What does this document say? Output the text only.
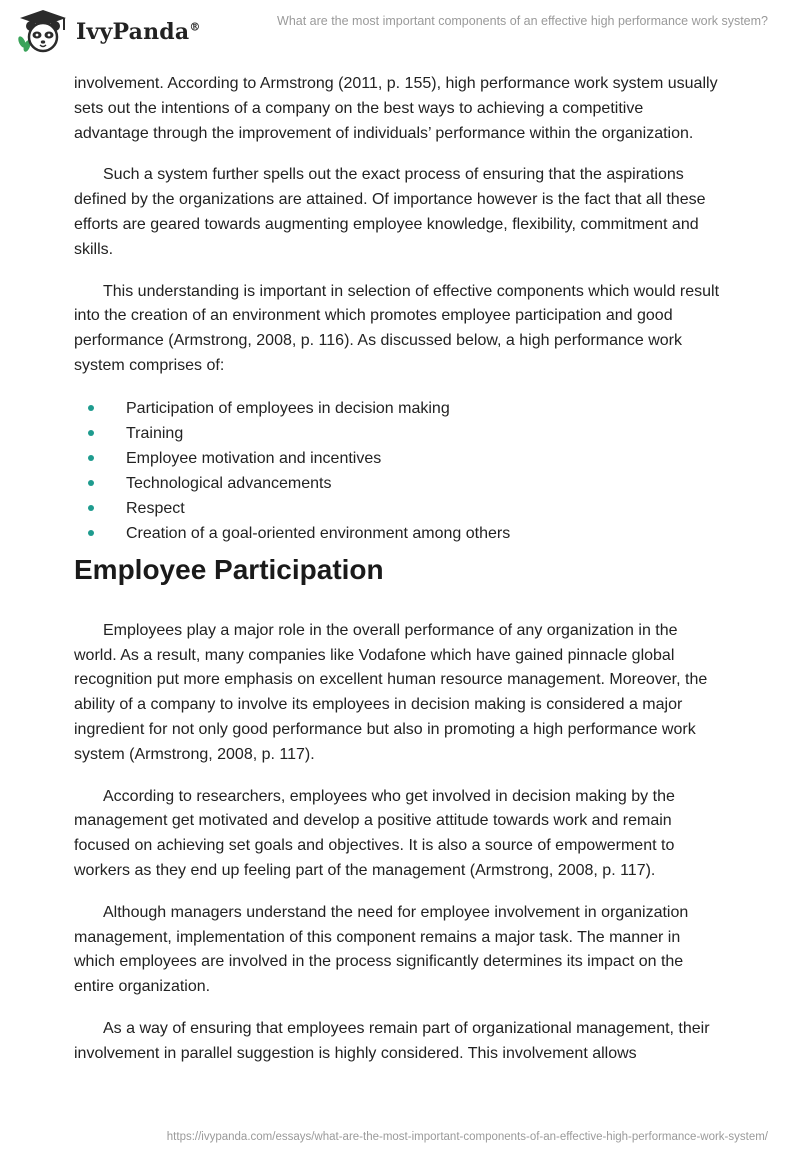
IvyPanda®	What are the most important components of an effective high performance work system?

involvement. According to Armstrong (2011, p. 155), high performance work system usually sets out the intentions of a company on the best ways to achieving a competitive advantage through the improvement of individuals’ performance within the organization.

Such a system further spells out the exact process of ensuring that the aspirations defined by the organizations are attained. Of importance however is the fact that all these efforts are geared towards augmenting employee knowledge, flexibility, commitment and skills.

This understanding is important in selection of effective components which would result into the creation of an environment which promotes employee participation and good performance (Armstrong, 2008, p. 116). As discussed below, a high performance work system comprises of:

Participation of employees in decision making
Training
Employee motivation and incentives
Technological advancements
Respect
Creation of a goal-oriented environment among others
Employee Participation

Employees play a major role in the overall performance of any organization in the world. As a result, many companies like Vodafone which have gained pinnacle global recognition put more emphasis on excellent human resource management. Moreover, the ability of a company to involve its employees in decision making is considered a major ingredient for not only good performance but also in promoting a high performance work system (Armstrong, 2008, p. 117).

According to researchers, employees who get involved in decision making by the management get motivated and develop a positive attitude towards work and remain focused on achieving set goals and objectives. It is also a source of empowerment to workers as they end up feeling part of the management (Armstrong, 2008, p. 117).

Although managers understand the need for employee involvement in organization management, implementation of this component remains a major task. The manner in which employees are involved in the process significantly determines its impact on the entire organization.

As a way of ensuring that employees remain part of organizational management, their involvement in parallel suggestion is highly considered. This involvement allows

https://ivypanda.com/essays/what-are-the-most-important-components-of-an-effective-high-performance-work-system/
